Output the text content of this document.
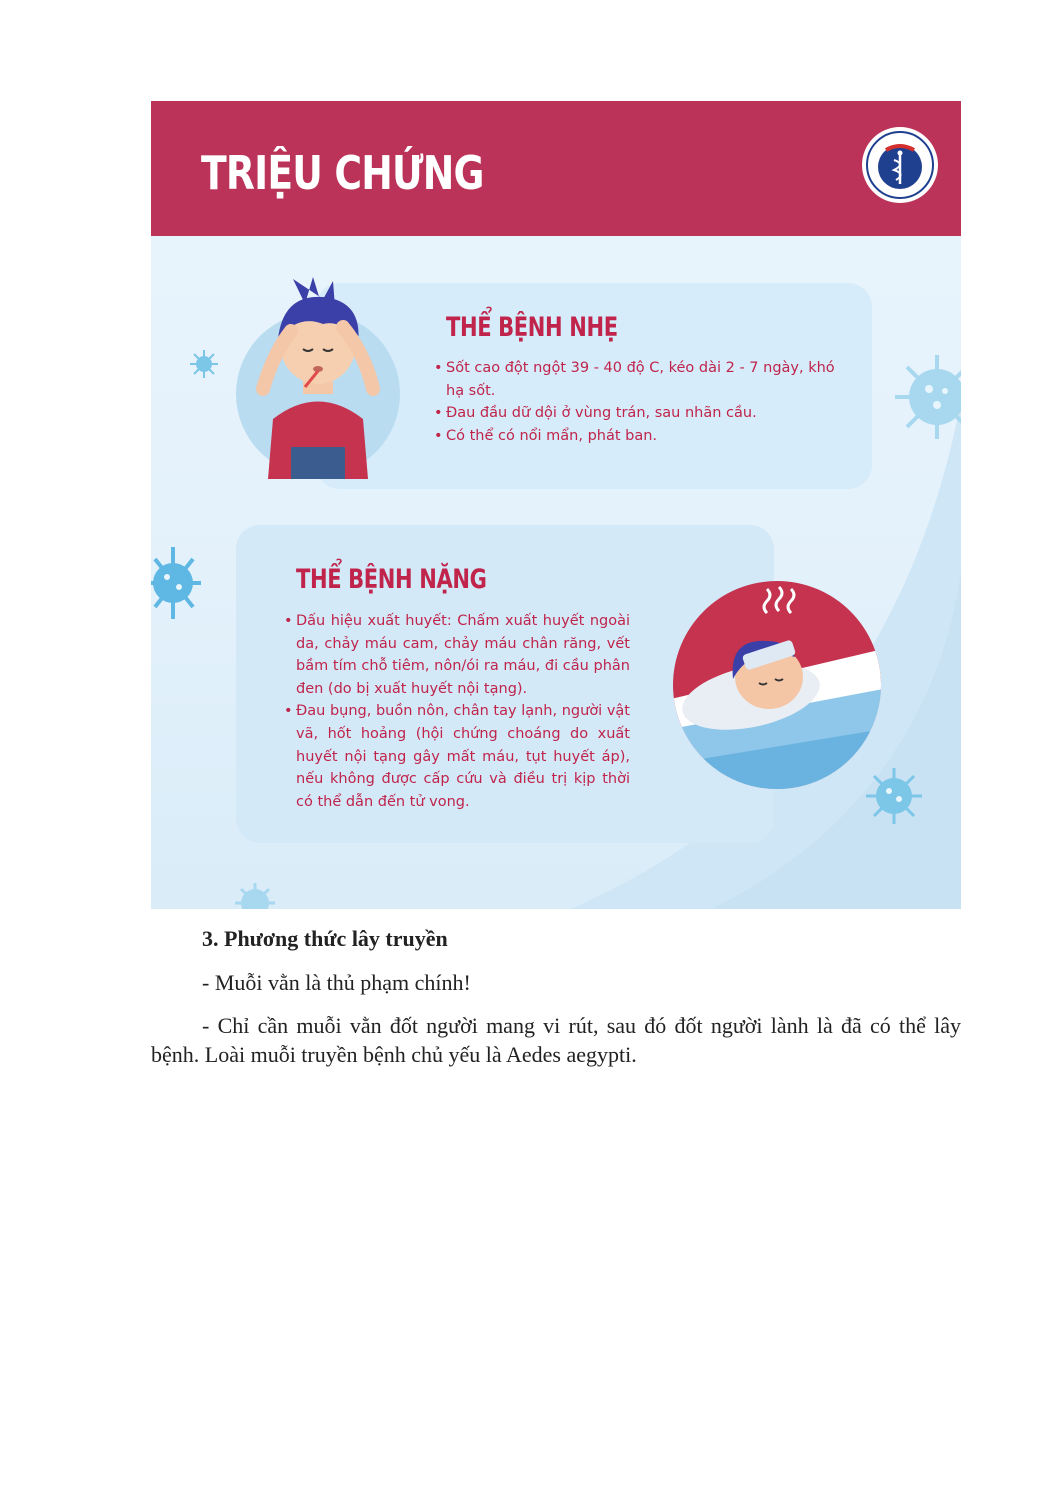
TRIỆU CHỨNG
THỂ BỆNH NHẸ
• Sốt cao đột ngột 39 - 40 độ C, kéo dài 2 - 7 ngày, khó hạ sốt.
• Đau đầu dữ dội ở vùng trán, sau nhãn cầu.
• Có thể có nổi mẩn, phát ban.
THỂ BỆNH NẶNG
• Dấu hiệu xuất huyết: Chấm xuất huyết ngoài da, chảy máu cam, chảy máu chân răng, vết bầm tím chỗ tiêm, nôn/ói ra máu, đi cầu phân đen (do bị xuất huyết nội tạng).
• Đau bụng, buồn nôn, chân tay lạnh, người vật vã, hốt hoảng (hội chứng choáng do xuất huyết nội tạng gây mất máu, tụt huyết áp), nếu không được cấp cứu và điều trị kịp thời có thể dẫn đến tử vong.

3. Phương thức lây truyền

- Muỗi vằn là thủ phạm chính!

- Chỉ cần muỗi vằn đốt người mang vi rút, sau đó đốt người lành là đã có thể lây bệnh. Loài muỗi truyền bệnh chủ yếu là Aedes aegypti.
